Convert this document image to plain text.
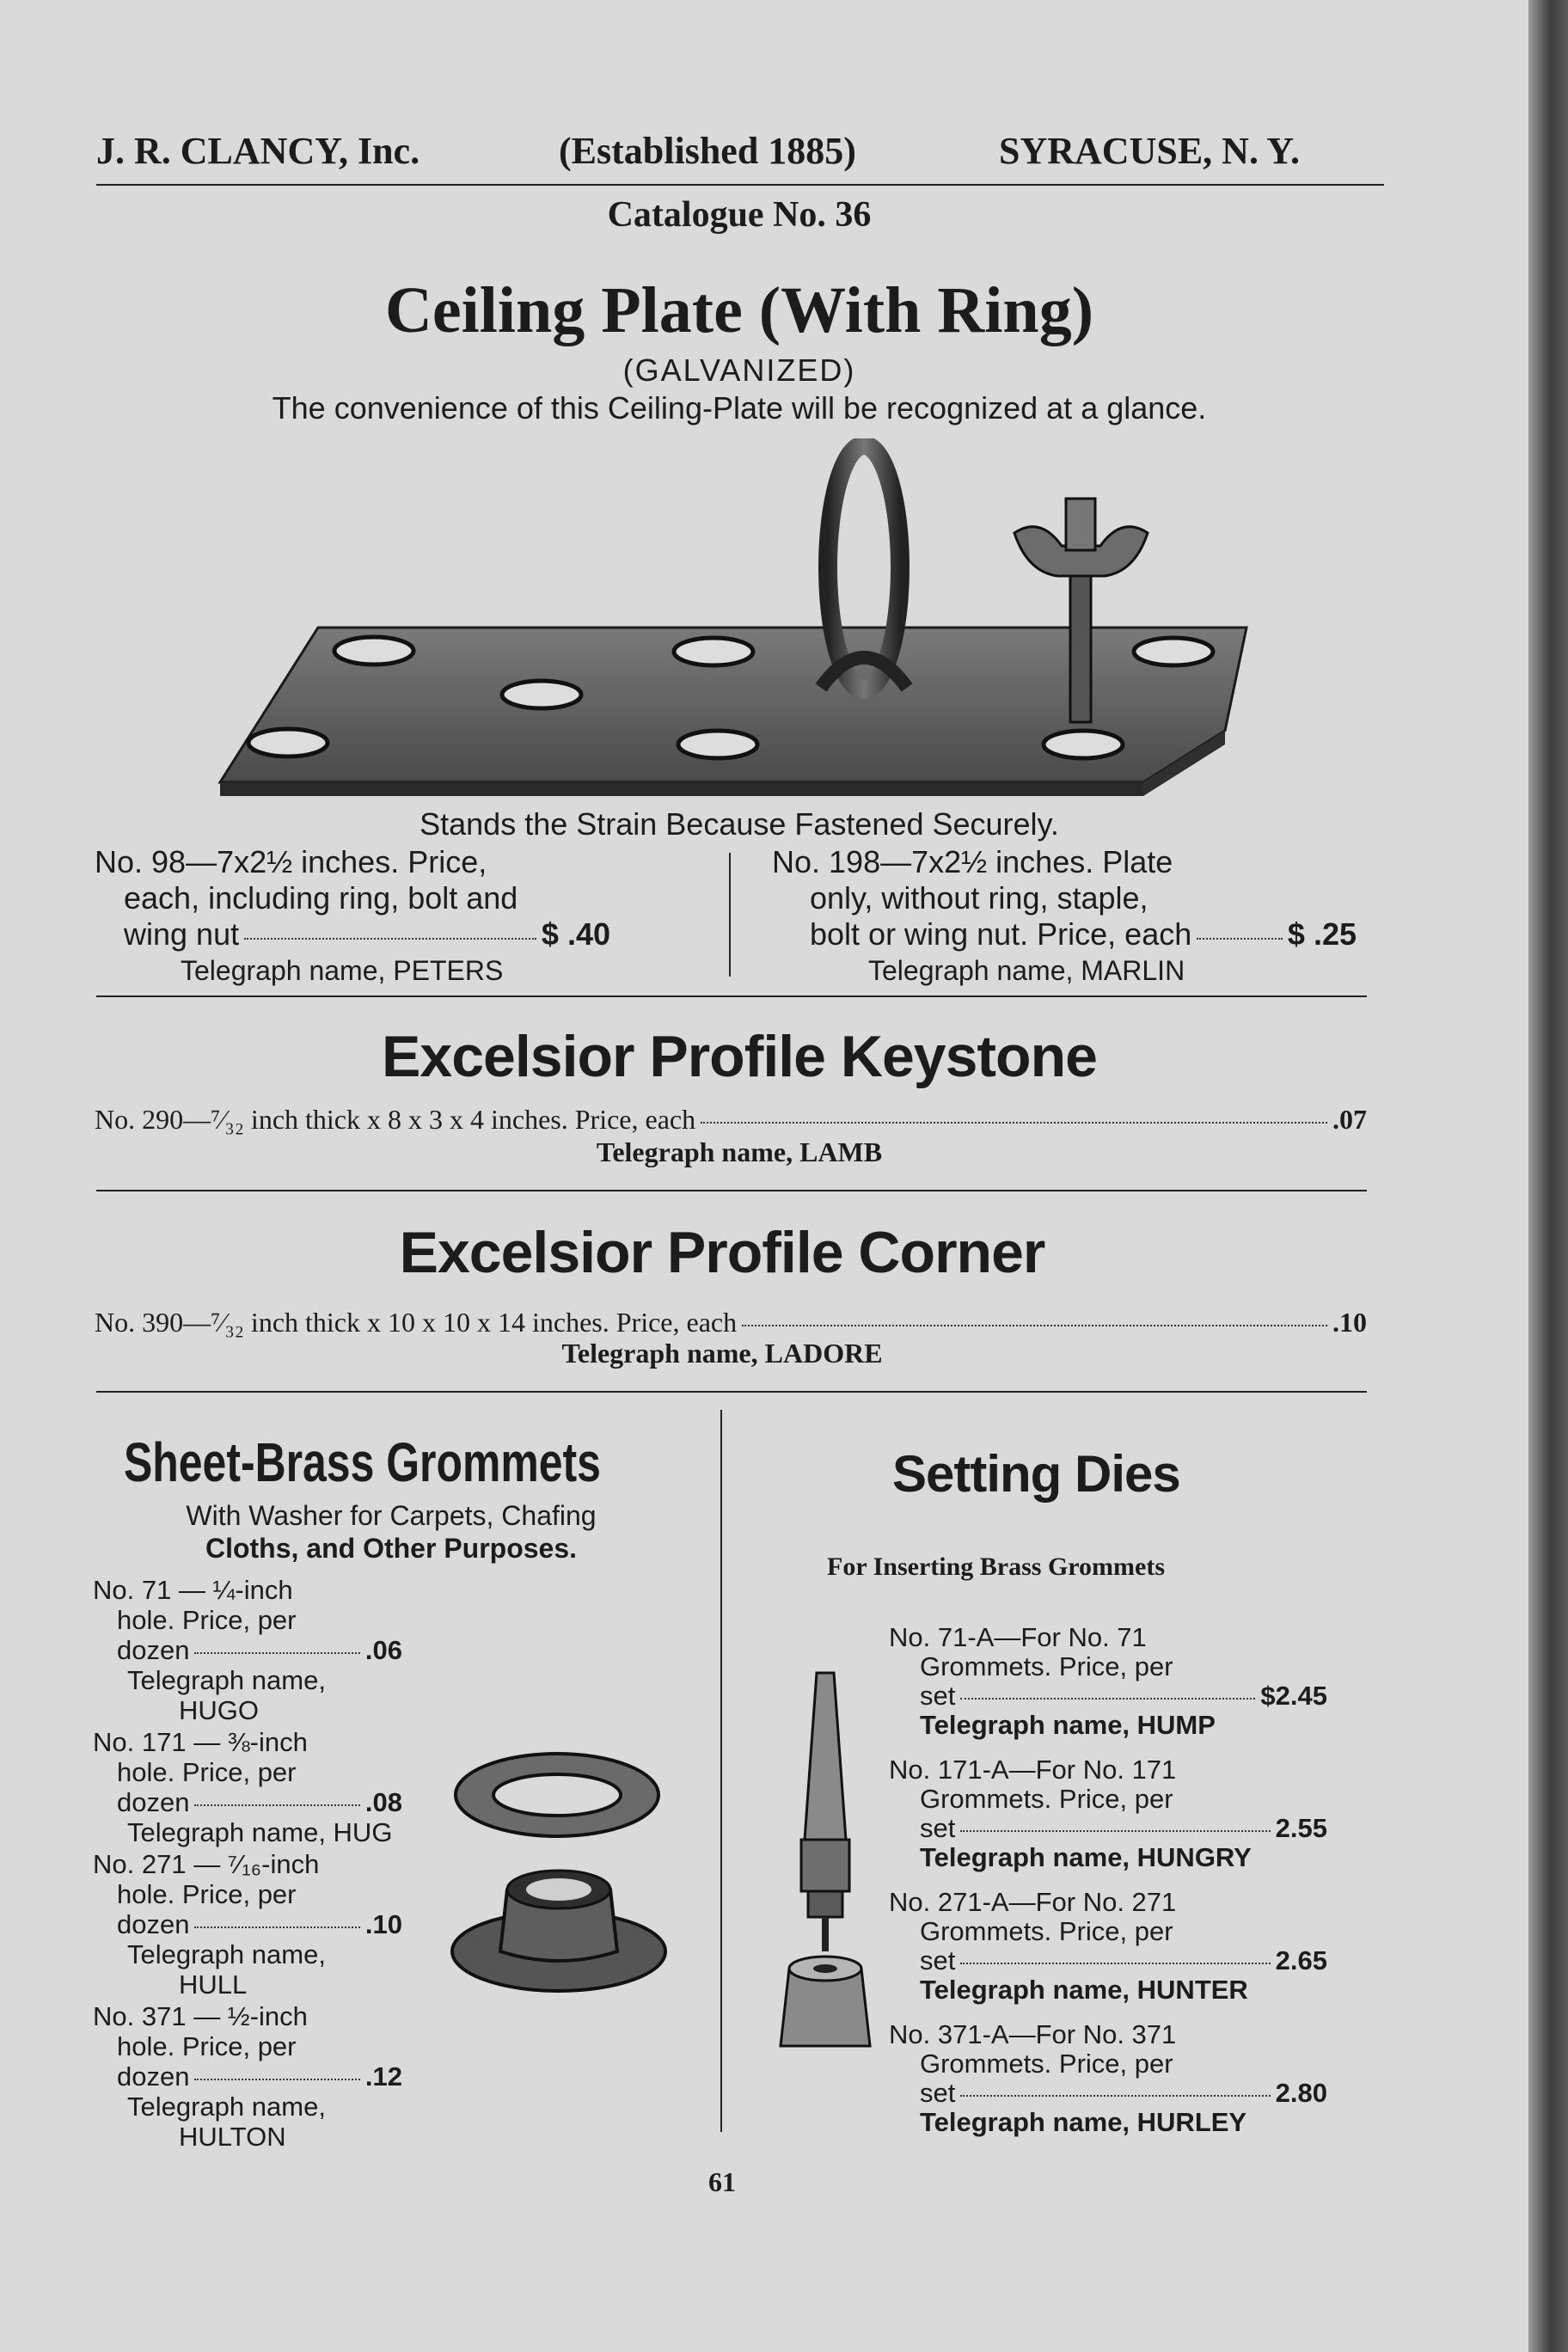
J. R. CLANCY, Inc.	(Established 1885)	SYRACUSE, N. Y.
Catalogue No. 36
Ceiling Plate (With Ring)
(GALVANIZED)
The convenience of this Ceiling-Plate will be recognized at a glance.
Stands the Strain Because Fastened Securely.
No. 98—7x2½ inches. Price,
each, including ring, bolt and
wing nut	$ .40
Telegraph name, PETERS
No. 198—7x2½ inches. Plate
only, without ring, staple,
bolt or wing nut. Price, each	$ .25
Telegraph name, MARLIN
Excelsior Profile Keystone
No. 290—⁷⁄₃₂ inch thick x 8 x 3 x 4 inches. Price, each	.07
Telegraph name, LAMB
Excelsior Profile Corner
No. 390—⁷⁄₃₂ inch thick x 10 x 10 x 14 inches. Price, each	.10
Telegraph name, LADORE
Sheet-Brass Grommets
With Washer for Carpets, Chafing
Cloths, and Other Purposes.
No. 71 — ¼-inch
hole. Price, per
dozen	.06
Telegraph name,
HUGO
No. 171 — ⅜-inch
hole. Price, per
dozen	.08
Telegraph name, HUG
No. 271 — ⁷⁄₁₆-inch
hole. Price, per
dozen	.10
Telegraph name,
HULL
No. 371 — ½-inch
hole. Price, per
dozen	.12
Telegraph name,
HULTON
Setting Dies
For Inserting Brass Grommets
No. 71-A—For No. 71
Grommets. Price, per
set	$2.45
Telegraph name, HUMP
No. 171-A—For No. 171
Grommets. Price, per
set	2.55
Telegraph name, HUNGRY
No. 271-A—For No. 271
Grommets. Price, per
set	2.65
Telegraph name, HUNTER
No. 371-A—For No. 371
Grommets. Price, per
set	2.80
Telegraph name, HURLEY
61
